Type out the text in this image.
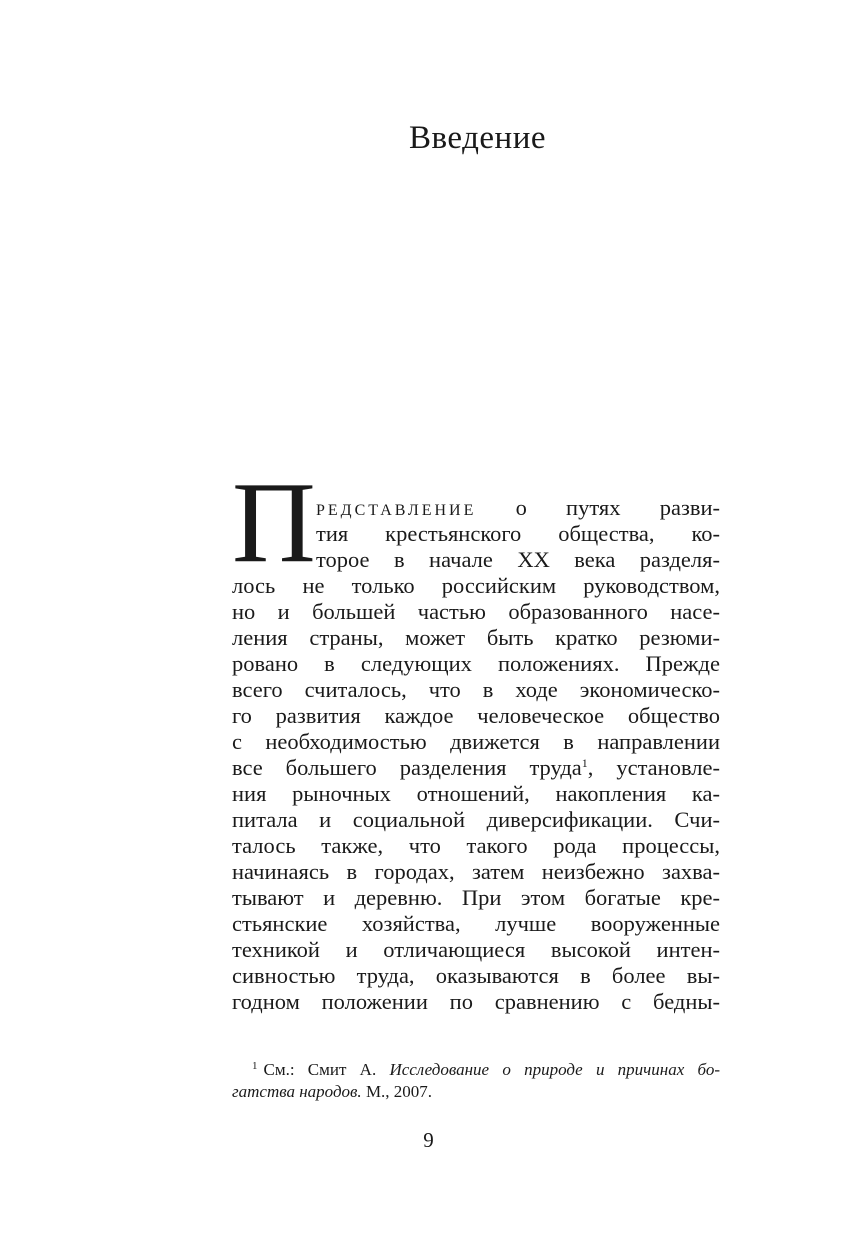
Введение
П редставление о путях разви-
тия крестьянского общества, ко-
торое в начале XX века разделя-
лось не только российским руководством,
но и большей частью образованного насе-
ления страны, может быть кратко резюми-
ровано в следующих положениях. Прежде
всего считалось, что в ходе экономическо-
го развития каждое человеческое общество
с необходимостью движется в направлении
все большего разделения труда$^1$, установле-
ния рыночных отношений, накопления ка-
питала и социальной диверсификации. Счи-
талось также, что такого рода процессы,
начинаясь в городах, затем неизбежно захва-
тывают и деревню. При этом богатые кре-
стьянские хозяйства, лучше вооруженные
техникой и отличающиеся высокой интен-
сивностью труда, оказываются в более вы-
годном положении по сравнению с бедны-
$^1$ См.: Смит А. Исследование о природе и причинах бо-
гатства народов. М., 2007.
9
